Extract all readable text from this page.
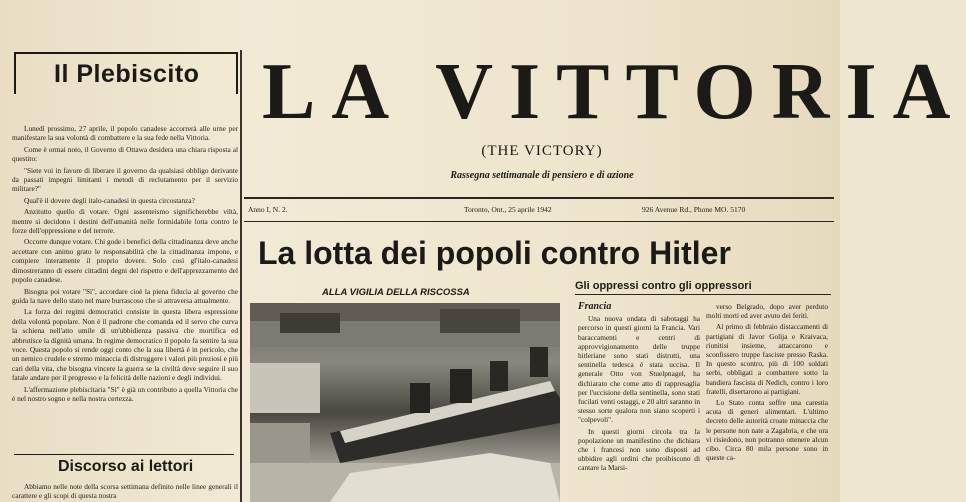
Il Plebiscito

Lunedì prossimo, 27 aprile, il popolo canadese accorrerà alle urne per manifestare la sua volontà di combattere e la sua fede nella Vittoria.

Come è ormai noto, il Governo di Ottawa desidera una chiara risposta al questito:

"Siete voi in favore di liberare il governo da qualsiasi obbligo derivante da passati impegni limitanti i metodi di reclutamento per il servizio militare?"

Qual'è il dovere degli italo-canadesi in questa circostanza?

Anzitutto quello di votare. Ogni assenteismo significherebbe viltà, mentre si decidono i destini dell'umanità nelle formidabile lotta contro le forze dell'oppressione e del terrore.

Occorre dunque votare. Chi gode i benefici della cittadinanza deve anche accettare con animo grato le responsabilità che la cittadinanza impone, e compiere interamente il proprio dovere. Solo così gl'italo-canadesi dimostreranno di essere cittadini degni del rispetto e dell'apprezzamento del popolo canadese.

Bisogna poi votare "Sì", accordare cioè la piena fiducia al governo che guida la nave dello stato nel mare burrascoso che si attraversa attualmente.

La forza dei regimi democratici consiste in questa libera espressione della volontà popolare. Non è il padrone che comanda ed il servo che curva la schiena nell'atto umile di un'ubbidienza passiva che mortifica ed abbrutisce la dignità umana. In regime democratico il popolo fa sentire la sua voce. Questa popolo si rende oggi conto che la sua libertà è in pericolo, che un nemico crudele e stremo minaccia di distruggere i valori più preziosi e più cari della vita, che bisogna vincere la guerra se la civiltà deve seguire il suo fatale andare per il progresso e la felicità delle nazioni e degli individui.

L'affermazione plebiscitaria "Sì" è già un contributo a quella Vittoria che è nel nostro sogno e nella nostra certezza.

Discorso ai lettori

Abbiamo nelle note della scorsa settimana definito nelle linee generali il carattere e gli scopi di questa nostra

LA VITTORIA
(THE VICTORY)
Rassegna settimanale di pensiero e di azione
Anno I, N. 2.	Toronto, Ont., 25 aprile 1942	926 Avenue Rd., Phone MO. 5170
La lotta dei popoli contro Hitler
ALLA VIGILIA DELLA RISCOSSA
Gli oppressi contro gli oppressori
Francia

Una nuova ondata di sabotaggi ha percorso in questi giorni la Francia. Vari baraccamenti e centri di approvvigionamento delle truppe hitleriane sono stati distrutti, una sentinella tedesca è stata uccisa. Il generale Otto von Stuelpnagel, ha dichiarato che come atto di rappresaglia per l'uccisione della sentinella, sono stati fucilati venti ostaggi, e 20 altri saranno in stesso sorte qualora non siano scoperti i "colpevoli".

In questi giorni circola tra la popolazione un manifestino che dichiara che i francesi non sono disposti ad ubbidire agli ordini che proibiscono di cantare la Marsi-

verso Belgrado, dopo aver perduto molti morti ed aver avuto dei feriti.

Al primo di febbraio distaccamenti di partigiani di Javor Golija e Kraivaca, riunitisi insieme, attaccarono e sconfissero truppe fasciste presso Raska. In questo scontro, più di 100 soldati serbi, obbligati a combattere sotto la bandiera fascista di Nedich, contro i loro fratelli, disertarono ai partigiani.

Lo Stato conta soffre una carestia acuta di generi alimentari. L'ultimo decreto delle autorità croate minaccia che le persone non nate a Zagabria, e che ora vi risiedono, non potranno ottenere alcun cibo. Circa 80 mila persone sono in queste ca-
